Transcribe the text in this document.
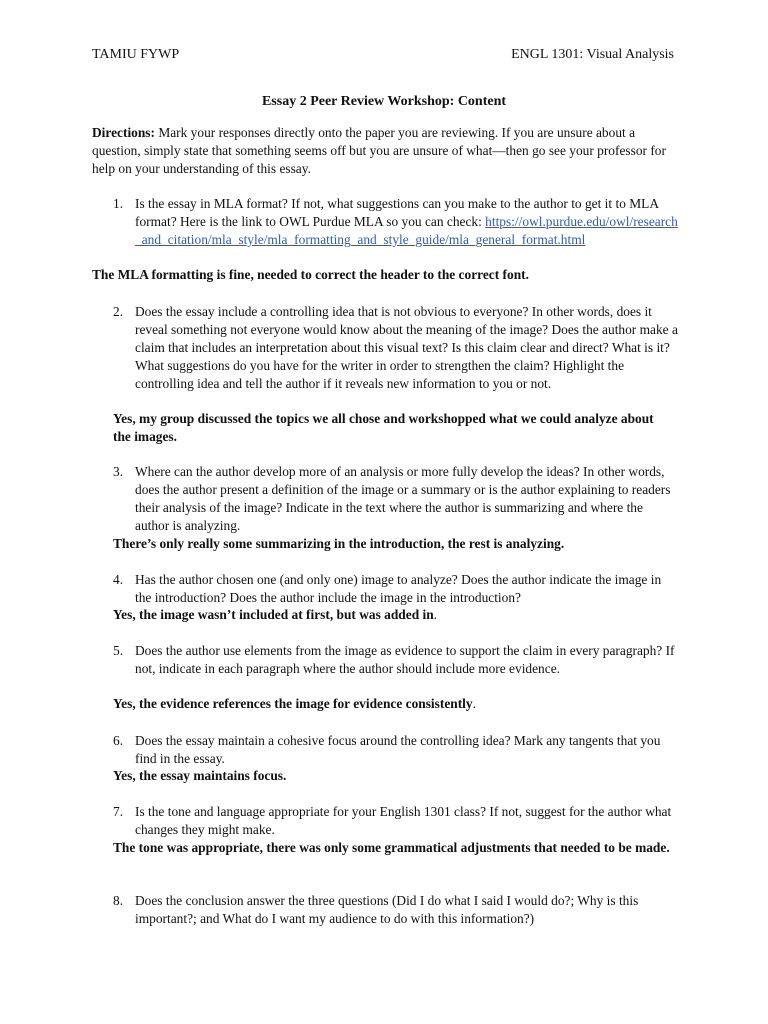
TAMIU FYWP	ENGL 1301: Visual Analysis
Essay 2 Peer Review Workshop: Content
Directions: Mark your responses directly onto the paper you are reviewing. If you are unsure about a question, simply state that something seems off but you are unsure of what—then go see your professor for help on your understanding of this essay.
1. Is the essay in MLA format? If not, what suggestions can you make to the author to get it to MLA format? Here is the link to OWL Purdue MLA so you can check: https://owl.purdue.edu/owl/research_and_citation/mla_style/mla_formatting_and_style_guide/mla_general_format.html
The MLA formatting is fine, needed to correct the header to the correct font.
2. Does the essay include a controlling idea that is not obvious to everyone? In other words, does it reveal something not everyone would know about the meaning of the image? Does the author make a claim that includes an interpretation about this visual text? Is this claim clear and direct? What is it? What suggestions do you have for the writer in order to strengthen the claim? Highlight the controlling idea and tell the author if it reveals new information to you or not.
Yes, my group discussed the topics we all chose and workshopped what we could analyze about the images.
3. Where can the author develop more of an analysis or more fully develop the ideas? In other words, does the author present a definition of the image or a summary or is the author explaining to readers their analysis of the image? Indicate in the text where the author is summarizing and where the author is analyzing.
There’s only really some summarizing in the introduction, the rest is analyzing.
4. Has the author chosen one (and only one) image to analyze? Does the author indicate the image in the introduction? Does the author include the image in the introduction?
Yes, the image wasn’t included at first, but was added in.
5. Does the author use elements from the image as evidence to support the claim in every paragraph? If not, indicate in each paragraph where the author should include more evidence.
Yes, the evidence references the image for evidence consistently.
6. Does the essay maintain a cohesive focus around the controlling idea? Mark any tangents that you find in the essay.
Yes, the essay maintains focus.
7. Is the tone and language appropriate for your English 1301 class? If not, suggest for the author what changes they might make.
The tone was appropriate, there was only some grammatical adjustments that needed to be made.
8. Does the conclusion answer the three questions (Did I do what I said I would do?; Why is this important?; and What do I want my audience to do with this information?)
